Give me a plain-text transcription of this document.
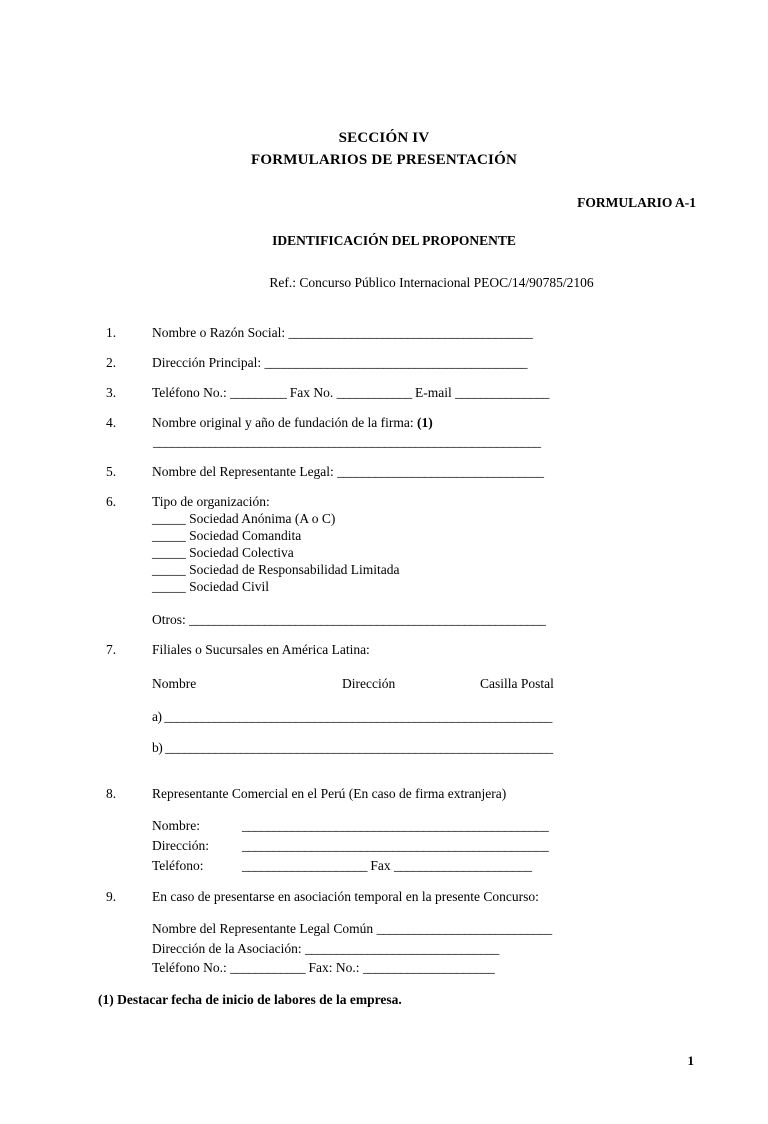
SECCIÓN IV
FORMULARIOS DE PRESENTACIÓN
FORMULARIO A-1
IDENTIFICACIÓN DEL PROPONENTE
Ref.: Concurso Público Internacional PEOC/14/90785/2106
1.	Nombre o Razón Social: _______________________________________
2.	Dirección Principal: __________________________________________
3.	Teléfono No.: _________ Fax No. ____________ E-mail _______________
4.	Nombre original y año de fundación de la firma: (1)
______________________________________________________________
5.	Nombre del Representante Legal: _________________________________
6.	Tipo de organización:
_____ Sociedad Anónima (A o C)
_____ Sociedad Comandita
_____ Sociedad Colectiva
_____ Sociedad de Responsabilidad Limitada
_____ Sociedad Civil
Otros: _________________________________________________________
7.	Filiales o Sucursales en América Latina:
Nombre	Dirección	Casilla Postal
a) ______________________________________________________________
b) ______________________________________________________________
8.	Representante Comercial en el Perú (En caso de firma extranjera)
Nombre:	_________________________________________________
Dirección:	_________________________________________________
Teléfono:	____________________ Fax ______________________
9.	En caso de presentarse en asociación temporal en la presente Concurso:
Nombre del Representante Legal Común ____________________________
Dirección de la Asociación: _______________________________
Teléfono No.: ____________ Fax: No.: _____________________
(1) Destacar fecha de inicio de labores de la empresa.
1
